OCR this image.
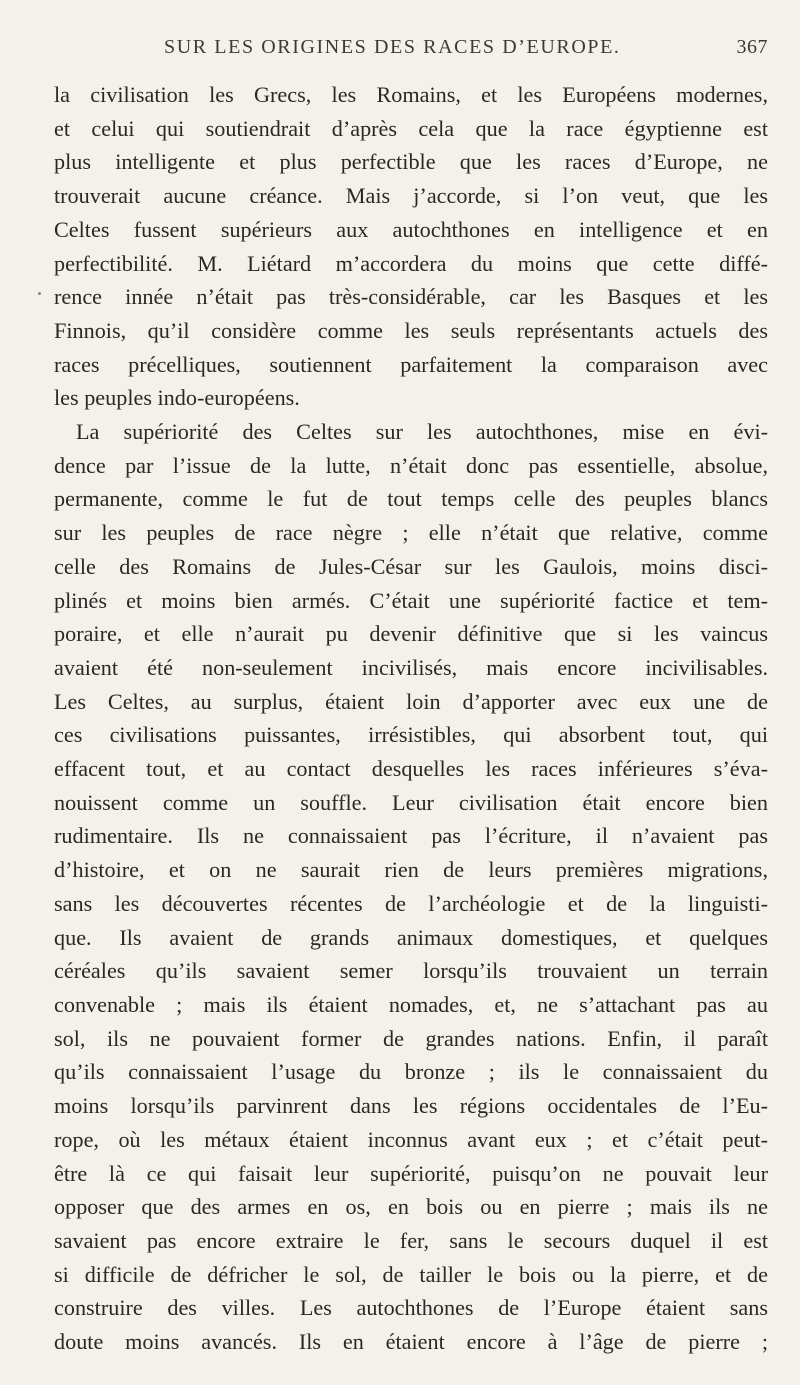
SUR LES ORIGINES DES RACES D’EUROPE.	367
la civilisation les Grecs, les Romains, et les Européens modernes,
et celui qui soutiendrait d’après cela que la race égyptienne est
plus intelligente et plus perfectible que les races d’Europe, ne
trouverait aucune créance. Mais j’accorde, si l’on veut, que les
Celtes fussent supérieurs aux autochthones en intelligence et en
perfectibilité. M. Liétard m’accordera du moins que cette diffé-
rence innée n’était pas très-considérable, car les Basques et les
Finnois, qu’il considère comme les seuls représentants actuels des
races précelliques, soutiennent parfaitement la comparaison avec
les peuples indo-européens.
La supériorité des Celtes sur les autochthones, mise en évi-
dence par l’issue de la lutte, n’était donc pas essentielle, absolue,
permanente, comme le fut de tout temps celle des peuples blancs
sur les peuples de race nègre ; elle n’était que relative, comme
celle des Romains de Jules-César sur les Gaulois, moins disci-
plinés et moins bien armés. C’était une supériorité factice et tem-
poraire, et elle n’aurait pu devenir définitive que si les vaincus
avaient été non-seulement incivilisés, mais encore incivilisables.
Les Celtes, au surplus, étaient loin d’apporter avec eux une de
ces civilisations puissantes, irrésistibles, qui absorbent tout, qui
effacent tout, et au contact desquelles les races inférieures s’éva-
nouissent comme un souffle. Leur civilisation était encore bien
rudimentaire. Ils ne connaissaient pas l’écriture, il n’avaient pas
d’histoire, et on ne saurait rien de leurs premières migrations,
sans les découvertes récentes de l’archéologie et de la linguisti-
que. Ils avaient de grands animaux domestiques, et quelques
céréales qu’ils savaient semer lorsqu’ils trouvaient un terrain
convenable ; mais ils étaient nomades, et, ne s’attachant pas au
sol, ils ne pouvaient former de grandes nations. Enfin, il paraît
qu’ils connaissaient l’usage du bronze ; ils le connaissaient du
moins lorsqu’ils parvinrent dans les régions occidentales de l’Eu-
rope, où les métaux étaient inconnus avant eux ; et c’était peut-
être là ce qui faisait leur supériorité, puisqu’on ne pouvait leur
opposer que des armes en os, en bois ou en pierre ; mais ils ne
savaient pas encore extraire le fer, sans le secours duquel il est
si difficile de défricher le sol, de tailler le bois ou la pierre, et de
construire des villes. Les autochthones de l’Europe étaient sans
doute moins avancés. Ils en étaient encore à l’âge de pierre ;
